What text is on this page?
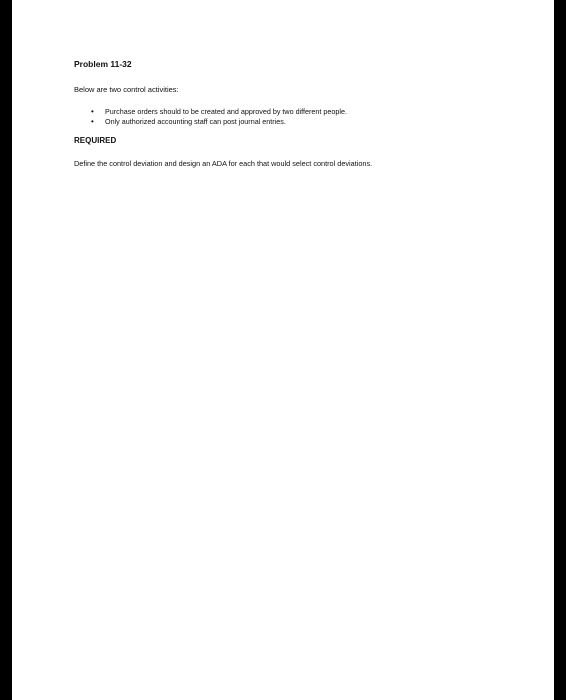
Problem 11-32

Below are two control activities:

• Purchase orders should to be created and approved by two different people.
• Only authorized accounting staff can post journal entries.

REQUIRED

Define the control deviation and design an ADA for each that would select control deviations.
